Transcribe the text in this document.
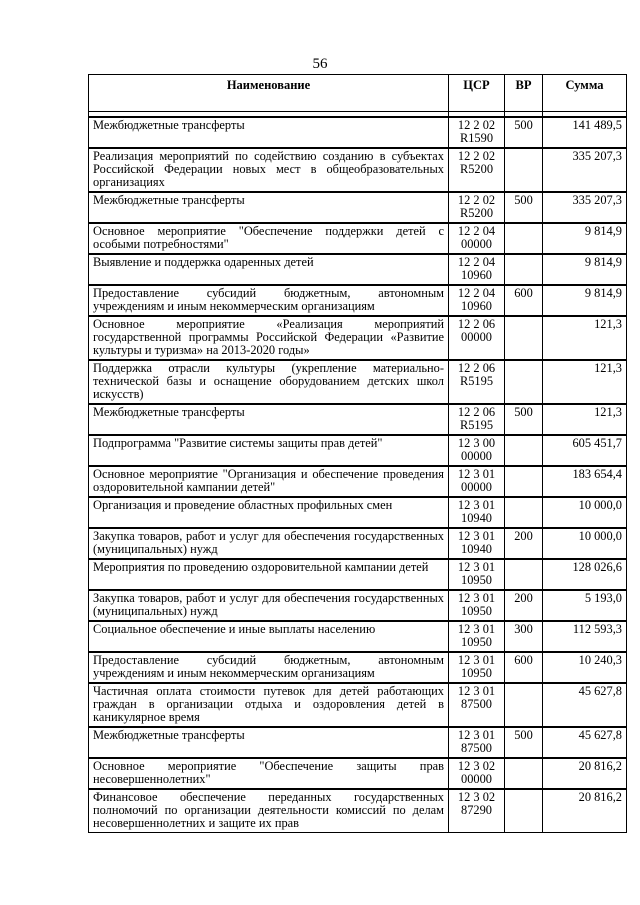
56
Наименование	ЦСР	ВР	Сумма

Межбюджетные трансферты	12 2 02 R1590	500	141 489,5
Реализация мероприятий по содействию созданию в субъектах Российской Федерации новых мест в общеобразовательных организациях	12 2 02 R5200		335 207,3
Межбюджетные трансферты	12 2 02 R5200	500	335 207,3
Основное мероприятие "Обеспечение поддержки детей с особыми потребностями"	12 2 04 00000		9 814,9
Выявление и поддержка одаренных детей	12 2 04 10960		9 814,9
Предоставление субсидий бюджетным, автономным учреждениям и иным некоммерческим организациям	12 2 04 10960	600	9 814,9
Основное мероприятие «Реализация мероприятий государственной программы Российской Федерации «Развитие культуры и туризма» на 2013-2020 годы»	12 2 06 00000		121,3
Поддержка отрасли культуры (укрепление материально-технической базы и оснащение оборудованием детских школ искусств)	12 2 06 R5195		121,3
Межбюджетные трансферты	12 2 06 R5195	500	121,3
Подпрограмма "Развитие системы защиты прав детей"	12 3 00 00000		605 451,7
Основное мероприятие "Организация и обеспечение проведения оздоровительной кампании детей"	12 3 01 00000		183 654,4
Организация и проведение областных профильных смен	12 3 01 10940		10 000,0
Закупка товаров, работ и услуг для обеспечения государственных (муниципальных) нужд	12 3 01 10940	200	10 000,0
Мероприятия по проведению оздоровительной кампании детей	12 3 01 10950		128 026,6
Закупка товаров, работ и услуг для обеспечения государственных (муниципальных) нужд	12 3 01 10950	200	5 193,0
Социальное обеспечение и иные выплаты населению	12 3 01 10950	300	112 593,3
Предоставление субсидий бюджетным, автономным учреждениям и иным некоммерческим организациям	12 3 01 10950	600	10 240,3
Частичная оплата стоимости путевок для детей работающих граждан в организации отдыха и оздоровления детей в каникулярное время	12 3 01 87500		45 627,8
Межбюджетные трансферты	12 3 01 87500	500	45 627,8
Основное мероприятие "Обеспечение защиты прав несовершеннолетних"	12 3 02 00000		20 816,2
Финансовое обеспечение переданных государственных полномочий по организации деятельности комиссий по делам несовершеннолетних и защите их прав	12 3 02 87290		20 816,2
